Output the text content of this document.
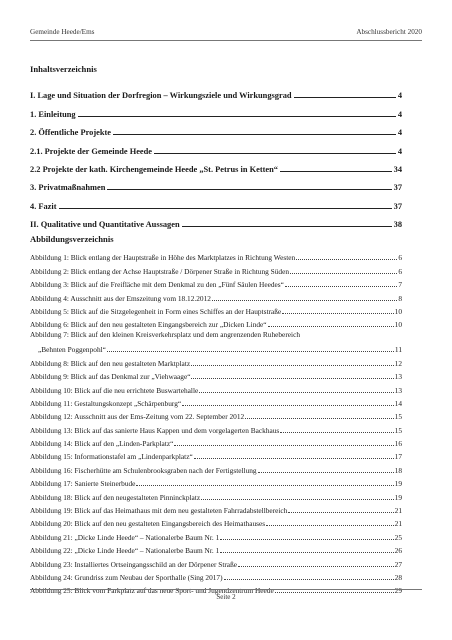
Gemeinde Heede/Ems	Abschlussbericht 2020
Inhaltsverzeichnis
I. Lage und Situation der Dorfregion – Wirkungsziele und Wirkungsgrad	4
1. Einleitung	4
2. Öffentliche Projekte	4
2.1. Projekte der Gemeinde Heede	4
2.2 Projekte der kath. Kirchengemeinde Heede „St. Petrus in Ketten“	34
3. Privatmaßnahmen	37
4. Fazit	37
II. Qualitative und Quantitative Aussagen	38
Abbildungsverzeichnis
Abbildung 1: Blick entlang der Hauptstraße in Höhe des Marktplatzes in Richtung Westen	6
Abbildung 2: Blick entlang der Achse Hauptstraße / Dörpener Straße in Richtung Süden	6
Abbildung 3: Blick auf die Freifläche mit dem Denkmal zu den „Fünf Säulen Heedes“	7
Abbildung 4: Ausschnitt aus der Emszeitung vom 18.12.2012	8
Abbildung 5: Blick auf die Sitzgelegenheit in Form eines Schiffes an der Hauptstraße	10
Abbildung 6: Blick auf den neu gestalteten Eingangsbereich zur „Dicken Linde“	10
Abbildung 7: Blick auf den kleinen Kreisverkehrsplatz und dem angrenzenden Ruhebereich
„Behnten Poggenpohl“	11
Abbildung 8: Blick auf den neu gestalteten Marktplatz	12
Abbildung 9: Blick auf das Denkmal zur „Viehwaage“	13
Abbildung 10: Blick auf die neu errichtete Buswartehalle	13
Abbildung 11: Gestaltungskonzept „Schärpenburg“	14
Abbildung 12: Ausschnitt aus der Ems-Zeitung vom 22. September 2012	15
Abbildung 13: Blick auf das sanierte Haus Kappen und dem vorgelagerten Backhaus	15
Abbildung 14: Blick auf den „Linden-Parkplatz“	16
Abbildung 15: Informationstafel am „Lindenparkplatz“	17
Abbildung 16: Fischerhütte am Schulenbrooksgraben nach der Fertigstellung	18
Abbildung 17: Sanierte Steinerbude	19
Abbildung 18: Blick auf den neugestalteten Pinninckplatz	19
Abbildung 19: Blick auf das Heimathaus mit dem neu gestalteten Fahrradabstellbereich	21
Abbildung 20: Blick auf den neu gestalteten Eingangsbereich des Heimathauses	21
Abbildung 21: „Dicke Linde Heede“ – Nationalerbe Baum Nr. 1	25
Abbildung 22: „Dicke Linde Heede“ – Nationalerbe Baum Nr. 1	26
Abbildung 23: Installiertes Ortseingangsschild an der Dörpener Straße	27
Abbildung 24: Grundriss zum Neubau der Sporthalle (Sing 2017)	28
Abbildung 25: Blick vom Parkplatz auf das neue Sport- und Jugendzentrum Heede	29
Seite 2
